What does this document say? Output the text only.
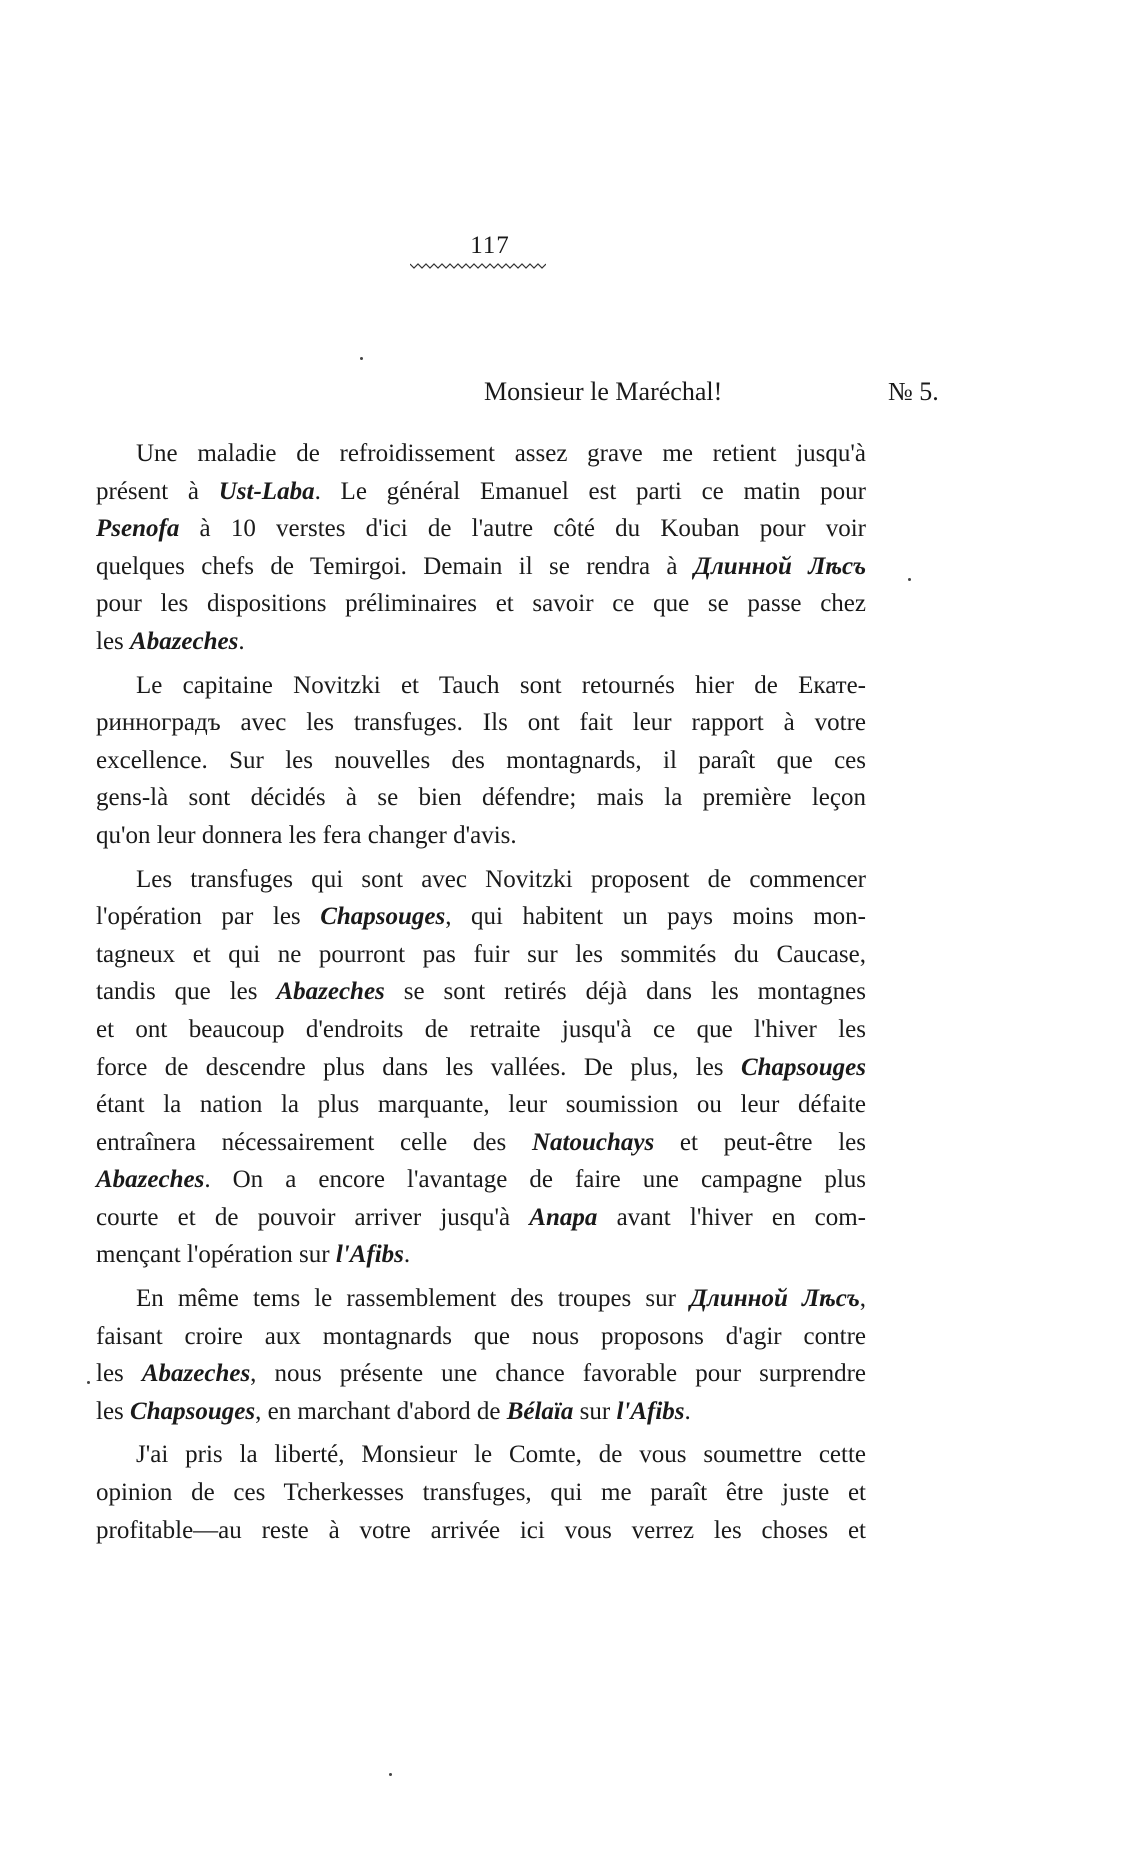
117
Monsieur le Maréchal!	№ 5.
Une maladie de refroidissement assez grave me retient jusqu'à
présent à Ust-Laba. Le général Emanuel est parti ce matin pour
Psenofa à 10 verstes d'ici de l'autre côté du Kouban pour voir
quelques chefs de Temirgoi. Demain il se rendra à Длинной Лѣсъ
pour les dispositions préliminaires et savoir ce que se passe chez
les Abazeches.
Le capitaine Novitzki et Tauch sont retournés hier de Екате-
ринноградъ avec les transfuges. Ils ont fait leur rapport à votre
excellence. Sur les nouvelles des montagnards, il paraît que ces
gens-là sont décidés à se bien défendre; mais la première leçon
qu'on leur donnera les fera changer d'avis.
Les transfuges qui sont avec Novitzki proposent de commencer
l'opération par les Chapsouges, qui habitent un pays moins mon-
tagneux et qui ne pourront pas fuir sur les sommités du Caucase,
tandis que les Abazeches se sont retirés déjà dans les montagnes
et ont beaucoup d'endroits de retraite jusqu'à ce que l'hiver les
force de descendre plus dans les vallées. De plus, les Chapsouges
étant la nation la plus marquante, leur soumission ou leur défaite
entraînera nécessairement celle des Natouchays et peut-être les
Abazeches. On a encore l'avantage de faire une campagne plus
courte et de pouvoir arriver jusqu'à Anapa avant l'hiver en com-
mençant l'opération sur l'Afibs.
En même tems le rassemblement des troupes sur Длинной Лѣсъ,
faisant croire aux montagnards que nous proposons d'agir contre
les Abazeches, nous présente une chance favorable pour surprendre
les Chapsouges, en marchant d'abord de Bélaïa sur l'Afibs.
J'ai pris la liberté, Monsieur le Comte, de vous soumettre cette
opinion de ces Tcherkesses transfuges, qui me paraît être juste et
profitable—au reste à votre arrivée ici vous verrez les choses et
